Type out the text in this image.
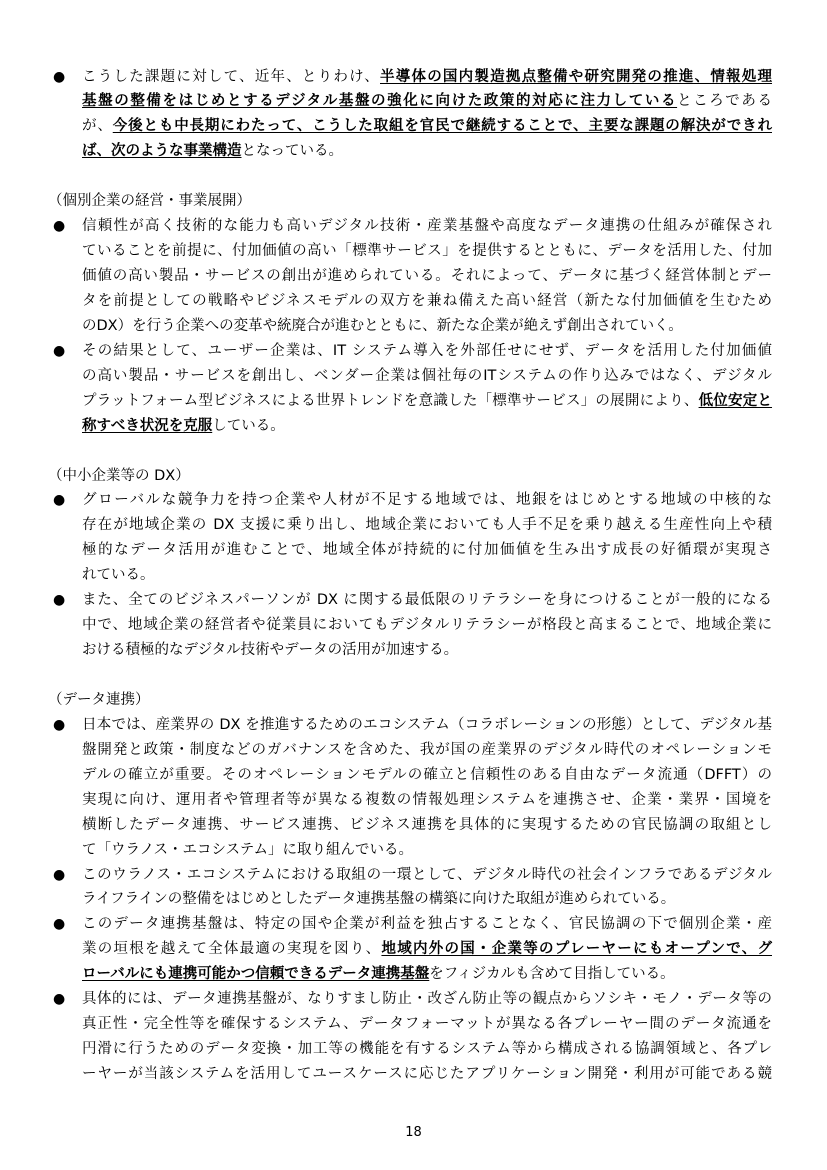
● こうした課題に対して、近年、とりわけ、半導体の国内製造拠点整備や研究開発の推進、情報処理
基盤の整備をはじめとするデジタル基盤の強化に向けた政策的対応に注力しているところである
が、今後とも中長期にわたって、こうした取組を官民で継続することで、主要な課題の解決ができれ
ば、次のような事業構造となっている。
（個別企業の経営・事業展開）
● 信頼性が高く技術的な能力も高いデジタル技術・産業基盤や高度なデータ連携の仕組みが確保され
ていることを前提に、付加価値の高い「標準サービス」を提供するとともに、データを活用した、付加
価値の高い製品・サービスの創出が進められている。それによって、データに基づく経営体制とデー
タを前提としての戦略やビジネスモデルの双方を兼ね備えた高い経営（新たな付加価値を生むため
のDX）を行う企業への変革や統廃合が進むとともに、新たな企業が絶えず創出されていく。
● その結果として、ユーザー企業は、IT システム導入を外部任せにせず、データを活用した付加価値
の高い製品・サービスを創出し、ベンダー企業は個社毎のITシステムの作り込みではなく、デジタル
プラットフォーム型ビジネスによる世界トレンドを意識した「標準サービス」の展開により、低位安定と
称すべき状況を克服している。
（中小企業等の DX）
● グローバルな競争力を持つ企業や人材が不足する地域では、地銀をはじめとする地域の中核的な
存在が地域企業の DX 支援に乗り出し、地域企業においても人手不足を乗り越える生産性向上や積
極的なデータ活用が進むことで、地域全体が持続的に付加価値を生み出す成長の好循環が実現さ
れている。
● また、全てのビジネスパーソンが DX に関する最低限のリテラシーを身につけることが一般的になる
中で、地域企業の経営者や従業員においてもデジタルリテラシーが格段と高まることで、地域企業に
おける積極的なデジタル技術やデータの活用が加速する。
（データ連携）
● 日本では、産業界の DX を推進するためのエコシステム（コラボレーションの形態）として、デジタル基
盤開発と政策・制度などのガバナンスを含めた、我が国の産業界のデジタル時代のオペレーションモ
デルの確立が重要。そのオペレーションモデルの確立と信頼性のある自由なデータ流通（DFFT）の
実現に向け、運用者や管理者等が異なる複数の情報処理システムを連携させ、企業・業界・国境を
横断したデータ連携、サービス連携、ビジネス連携を具体的に実現するための官民協調の取組とし
て「ウラノス・エコシステム」に取り組んでいる。
● このウラノス・エコシステムにおける取組の一環として、デジタル時代の社会インフラであるデジタル
ライフラインの整備をはじめとしたデータ連携基盤の構築に向けた取組が進められている。
● このデータ連携基盤は、特定の国や企業が利益を独占することなく、官民協調の下で個別企業・産
業の垣根を越えて全体最適の実現を図り、地域内外の国・企業等のプレーヤーにもオープンで、グ
ローバルにも連携可能かつ信頼できるデータ連携基盤をフィジカルも含めて目指している。
● 具体的には、データ連携基盤が、なりすまし防止・改ざん防止等の観点からソシキ・モノ・データ等の
真正性・完全性等を確保するシステム、データフォーマットが異なる各プレーヤー間のデータ流通を
円滑に行うためのデータ変換・加工等の機能を有するシステム等から構成される協調領域と、各プレ
ーヤーが当該システムを活用してユースケースに応じたアプリケーション開発・利用が可能である競
18
